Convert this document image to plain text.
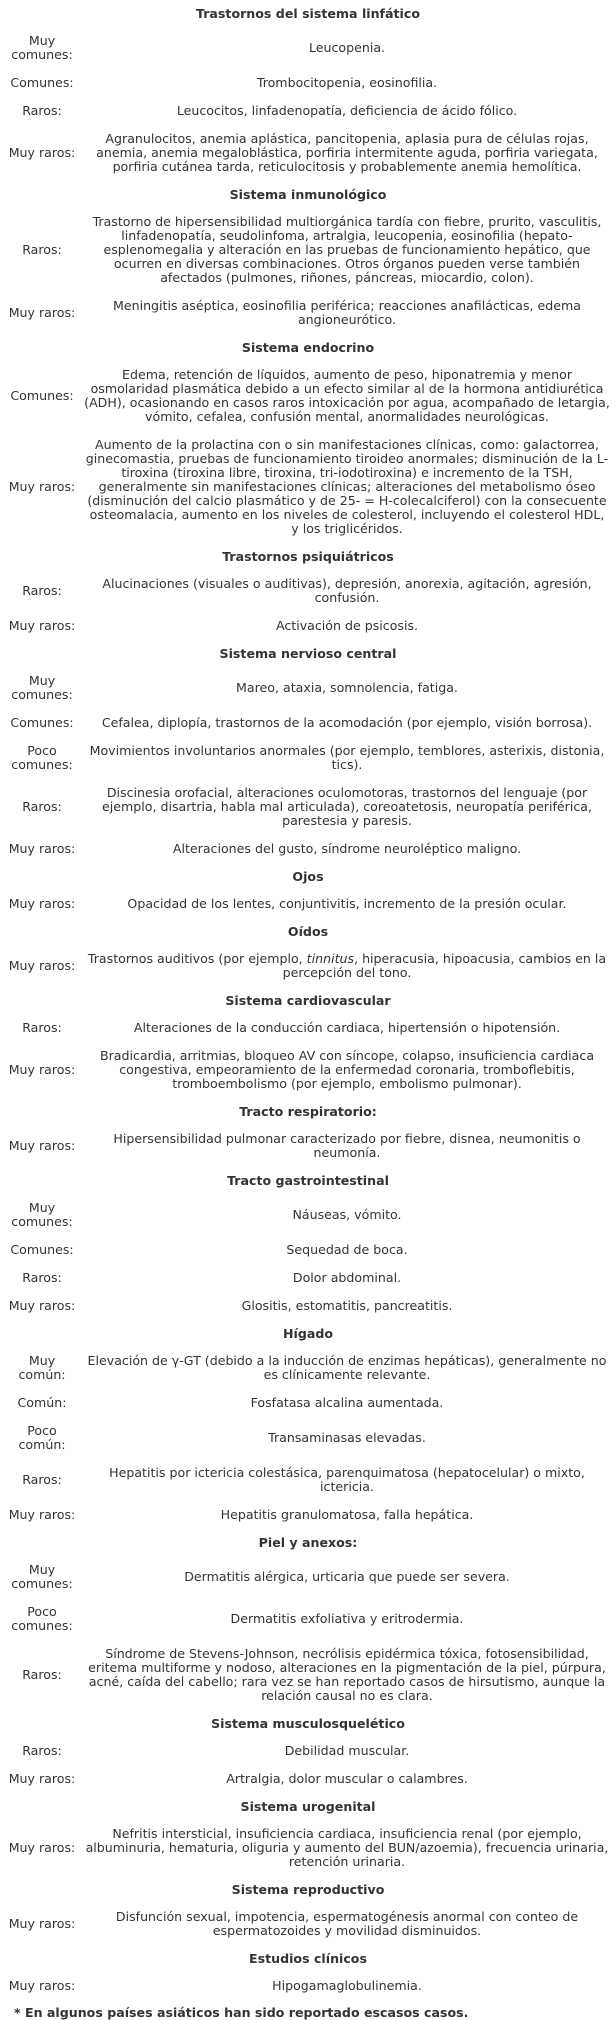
Trastornos del sistema linfático	
Muy comunes:	Leucopenia.
Comunes:	Trombocitopenia, eosinofilia.
Raros:	Leucocitos, linfadenopatía, deficiencia de ácido fólico.
Muy raros:	Agranulocitos, anemia aplástica, pancitopenia, aplasia pura de células rojas, anemia, anemia megaloblástica, porfiria intermitente aguda, porfiria variegata, porfiria cutánea tarda, reticulocitosis y probablemente anemia hemolítica.
Sistema inmunológico	
Raros:	Trastorno de hipersensibilidad multiorgánica tardía con fiebre, prurito, vasculitis, linfadenopatía, seudolinfoma, artralgia, leucopenia, eosinofilia (hepato-esplenomegalia y alteración en las pruebas de funcionamiento hepático, que ocurren en diversas combinaciones. Otros órganos pueden verse también afectados (pulmones, riñones, páncreas, miocardio, colon).
Muy raros:	Meningitis aséptica, eosinofilia periférica; reacciones anafilácticas, edema angioneurótico.
Sistema endocrino	
Comunes:	Edema, retención de líquidos, aumento de peso, hiponatremia y menor osmolaridad plasmática debido a un efecto similar al de la hormona antidiurética (ADH), ocasionando en casos raros intoxicación por agua, acompañado de letargia, vómito, cefalea, confusión mental, anormalidades neurológicas.
Muy raros:	Aumento de la prolactina con o sin manifestaciones clínicas, como: galactorrea, ginecomastia, pruebas de funcionamiento tiroideo anormales; disminución de la L-tiroxina (tiroxina libre, tiroxina, tri-iodotiroxina) e incremento de la TSH, generalmente sin manifestaciones clínicas; alteraciones del metabolismo óseo (disminución del calcio plasmático y de 25- = H-colecalciferol) con la consecuente osteomalacia, aumento en los niveles de colesterol, incluyendo el colesterol HDL, y los triglicéridos.
Trastornos psiquiátricos	
Raros:	Alucinaciones (visuales o auditivas), depresión, anorexia, agitación, agresión, confusión.
Muy raros:	Activación de psicosis.
Sistema nervioso central	
Muy comunes:	Mareo, ataxia, somnolencia, fatiga.
Comunes:	Cefalea, diplopía, trastornos de la acomodación (por ejemplo, visión borrosa).
Poco comunes:	Movimientos involuntarios anormales (por ejemplo, temblores, asterixis, distonia, tics).
Raros:	Discinesia orofacial, alteraciones oculomotoras, trastornos del lenguaje (por ejemplo, disartria, habla mal articulada), coreoatetosis, neuropatía periférica, parestesia y paresis.
Muy raros:	Alteraciones del gusto, síndrome neuroléptico maligno.
Ojos	
Muy raros:	Opacidad de los lentes, conjuntivitis, incremento de la presión ocular.
Oídos	
Muy raros:	Trastornos auditivos (por ejemplo, tinnitus, hiperacusia, hipoacusia, cambios en la percepción del tono.
Sistema cardiovascular	
Raros:	Alteraciones de la conducción cardiaca, hipertensión o hipotensión.
Muy raros:	Bradicardia, arritmias, bloqueo AV con síncope, colapso, insuficiencia cardiaca congestiva, empeoramiento de la enfermedad coronaria, tromboflebitis, tromboembolismo (por ejemplo, embolismo pulmonar).
Tracto respiratorio:	
Muy raros:	Hipersensibilidad pulmonar caracterizado por fiebre, disnea, neumonitis o neumonía.
Tracto gastrointestinal	
Muy comunes:	Náuseas, vómito.
Comunes:	Sequedad de boca.
Raros:	Dolor abdominal.
Muy raros:	Glositis, estomatitis, pancreatitis.
Hígado	
Muy común:	Elevación de γ-GT (debido a la inducción de enzimas hepáticas), generalmente no es clínicamente relevante.
Común:	Fosfatasa alcalina aumentada.
Poco común:	Transaminasas elevadas.
Raros:	Hepatitis por ictericia colestásica, parenquimatosa (hepatocelular) o mixto, ictericia.
Muy raros:	Hepatitis granulomatosa, falla hepática.
Piel y anexos:	
Muy comunes:	Dermatitis alérgica, urticaria que puede ser severa.
Poco comunes:	Dermatitis exfoliativa y eritrodermia.
Raros:	Síndrome de Stevens-Johnson, necrólisis epidérmica tóxica, fotosensibilidad, eritema multiforme y nodoso, alteraciones en la pigmentación de la piel, púrpura, acné, caída del cabello; rara vez se han reportado casos de hirsutismo, aunque la relación causal no es clara.
Sistema musculosquelético	
Raros:	Debilidad muscular.
Muy raros:	Artralgia, dolor muscular o calambres.
Sistema urogenital	
Muy raros:	Nefritis intersticial, insuficiencia cardiaca, insuficiencia renal (por ejemplo, albuminuria, hematuria, oliguria y aumento del BUN/azoemia), frecuencia urinaria, retención urinaria.
Sistema reproductivo	
Muy raros:	Disfunción sexual, impotencia, espermatogénesis anormal con conteo de espermatozoides y movilidad disminuidos.
Estudios clínicos	
Muy raros:	Hipogamaglobulinemia.
* En algunos países asiáticos han sido reportado escasos casos.
